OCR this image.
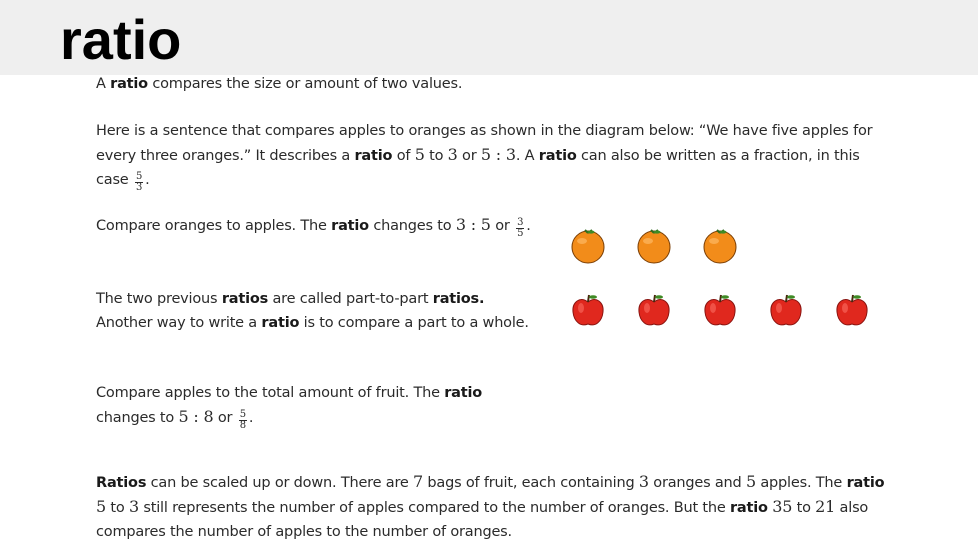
ratio

A ratio compares the size or amount of two values.

Here is a sentence that compares apples to oranges as shown in the diagram below: “We have five apples for every three oranges.” It describes a ratio of 5 to 3 or 5 : 3. A ratio can also be written as a fraction, in this case $\frac{5}{3}$ .

Compare oranges to apples. The ratio changes to 3 : 5 or $\frac{3}{5}$ .

The two previous ratios are called part-to-part ratios. Another way to write a ratio is to compare a part to a whole.

Compare apples to the total amount of fruit. The ratio changes to 5 : 8 or $\frac{5}{8}$ .

Ratios can be scaled up or down. There are 7 bags of fruit, each containing 3 oranges and 5 apples. The ratio 5 to 3 still represents the number of apples compared to the number of oranges. But the ratio 35 to 21 also compares the number of apples to the number of oranges.
